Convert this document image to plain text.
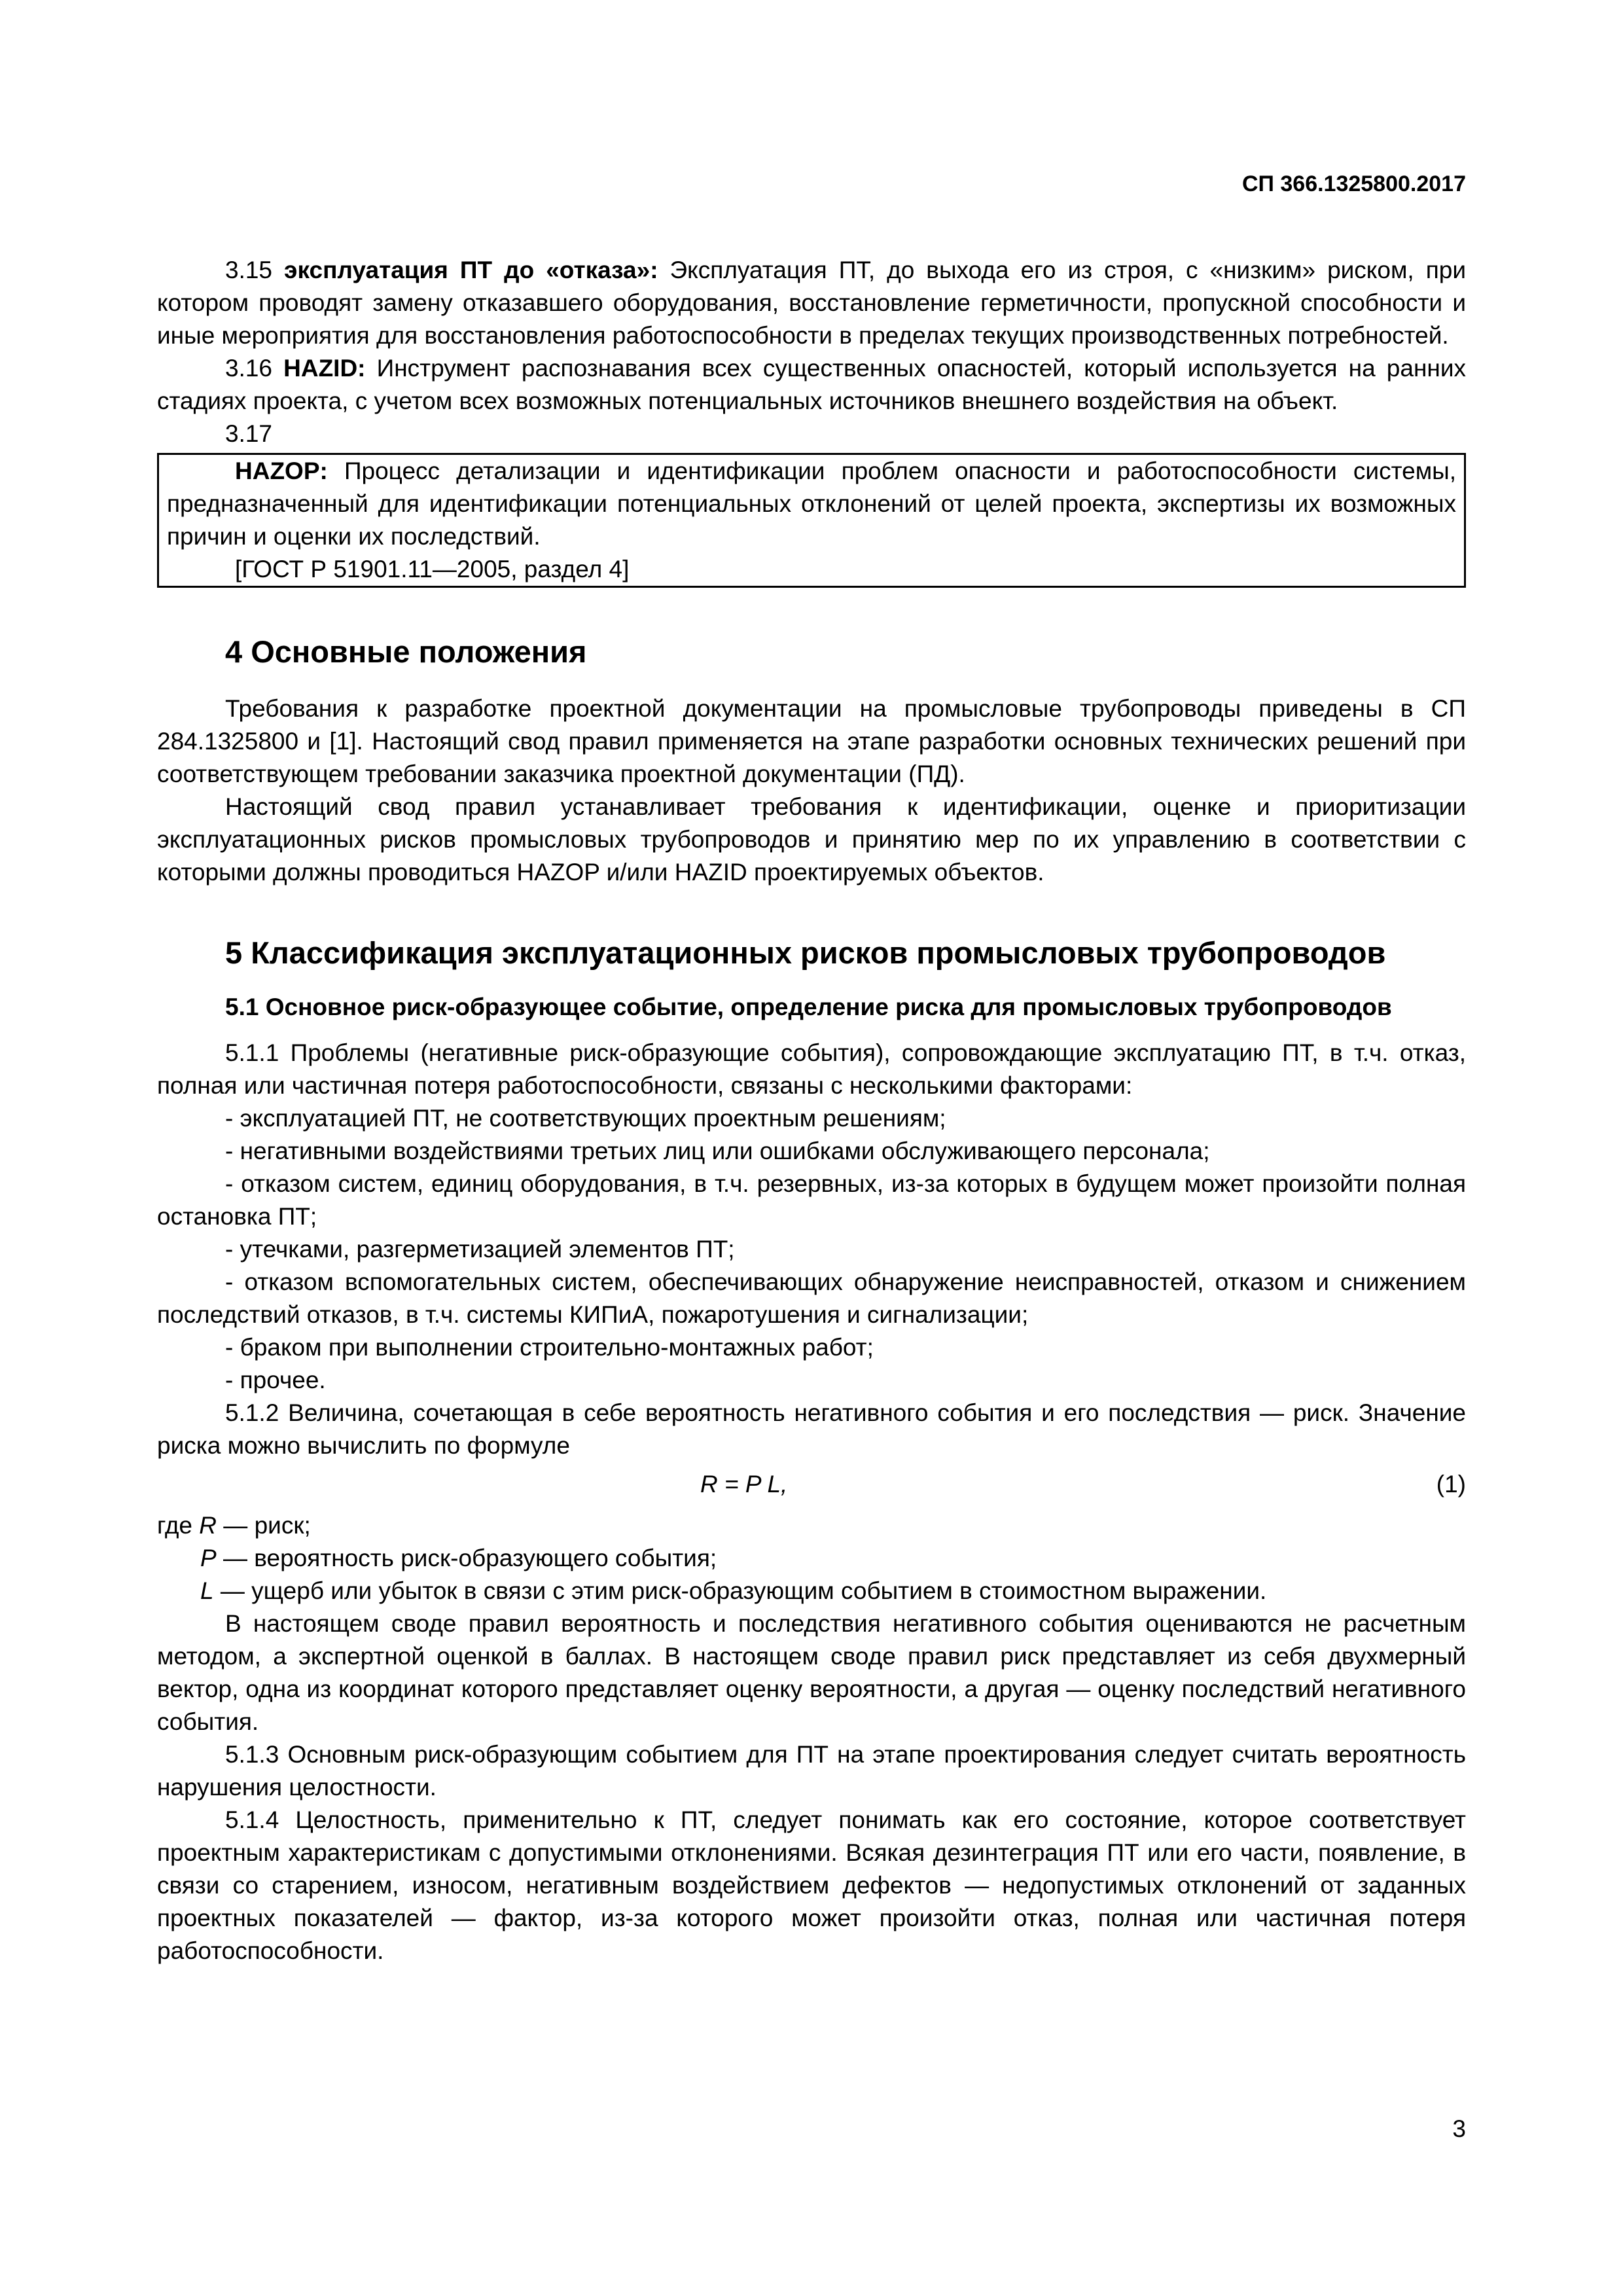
СП 366.1325800.2017

3.15 эксплуатация ПТ до «отказа»: Эксплуатация ПТ, до выхода его из строя, с «низким» риском, при котором проводят замену отказавшего оборудования, восстановление герметичности, пропускной способности и иные мероприятия для восстановления работоспособности в пределах текущих производственных потребностей.

3.16 HAZID: Инструмент распознавания всех существенных опасностей, который используется на ранних стадиях проекта, с учетом всех возможных потенциальных источников внешнего воздействия на объект.

3.17

HAZOP: Процесс детализации и идентификации проблем опасности и работоспособности системы, предназначенный для идентификации потенциальных отклонений от целей проекта, экспертизы их возможных причин и оценки их последствий.

[ГОСТ Р 51901.11—2005, раздел 4]

4 Основные положения

Требования к разработке проектной документации на промысловые трубопроводы приведены в СП 284.1325800 и [1]. Настоящий свод правил применяется на этапе разработки основных технических решений при соответствующем требовании заказчика проектной документации (ПД).

Настоящий свод правил устанавливает требования к идентификации, оценке и приоритизации эксплуатационных рисков промысловых трубопроводов и принятию мер по их управлению в соответствии с которыми должны проводиться HAZOP и/или HAZID проектируемых объектов.

5 Классификация эксплуатационных рисков промысловых трубопроводов
5.1 Основное риск-образующее событие, определение риска для промысловых трубопроводов

5.1.1 Проблемы (негативные риск-образующие события), сопровождающие эксплуатацию ПТ, в т.ч. отказ, полная или частичная потеря работоспособности, связаны с несколькими факторами:

- эксплуатацией ПТ, не соответствующих проектным решениям;

- негативными воздействиями третьих лиц или ошибками обслуживающего персонала;

- отказом систем, единиц оборудования, в т.ч. резервных, из-за которых в будущем может произойти полная остановка ПТ;

- утечками, разгерметизацией элементов ПТ;

- отказом вспомогательных систем, обеспечивающих обнаружение неисправностей, отказом и снижением последствий отказов, в т.ч. системы КИПиА, пожаротушения и сигнализации;

- браком при выполнении строительно-монтажных работ;

- прочее.

5.1.2 Величина, сочетающая в себе вероятность негативного события и его последствия — риск. Значение риска можно вычислить по формуле

R = P L,	(1)

где R — риск;

P — вероятность риск-образующего события;

L — ущерб или убыток в связи с этим риск-образующим событием в стоимостном выражении.

В настоящем своде правил вероятность и последствия негативного события оцениваются не расчетным методом, а экспертной оценкой в баллах. В настоящем своде правил риск представляет из себя двухмерный вектор, одна из координат которого представляет оценку вероятности, а другая — оценку последствий негативного события.

5.1.3 Основным риск-образующим событием для ПТ на этапе проектирования следует считать вероятность нарушения целостности.

5.1.4 Целостность, применительно к ПТ, следует понимать как его состояние, которое соответствует проектным характеристикам с допустимыми отклонениями. Всякая дезинтеграция ПТ или его части, появление, в связи со старением, износом, негативным воздействием дефектов — недопустимых отклонений от заданных проектных показателей — фактор, из-за которого может произойти отказ, полная или частичная потеря работоспособности.

3
